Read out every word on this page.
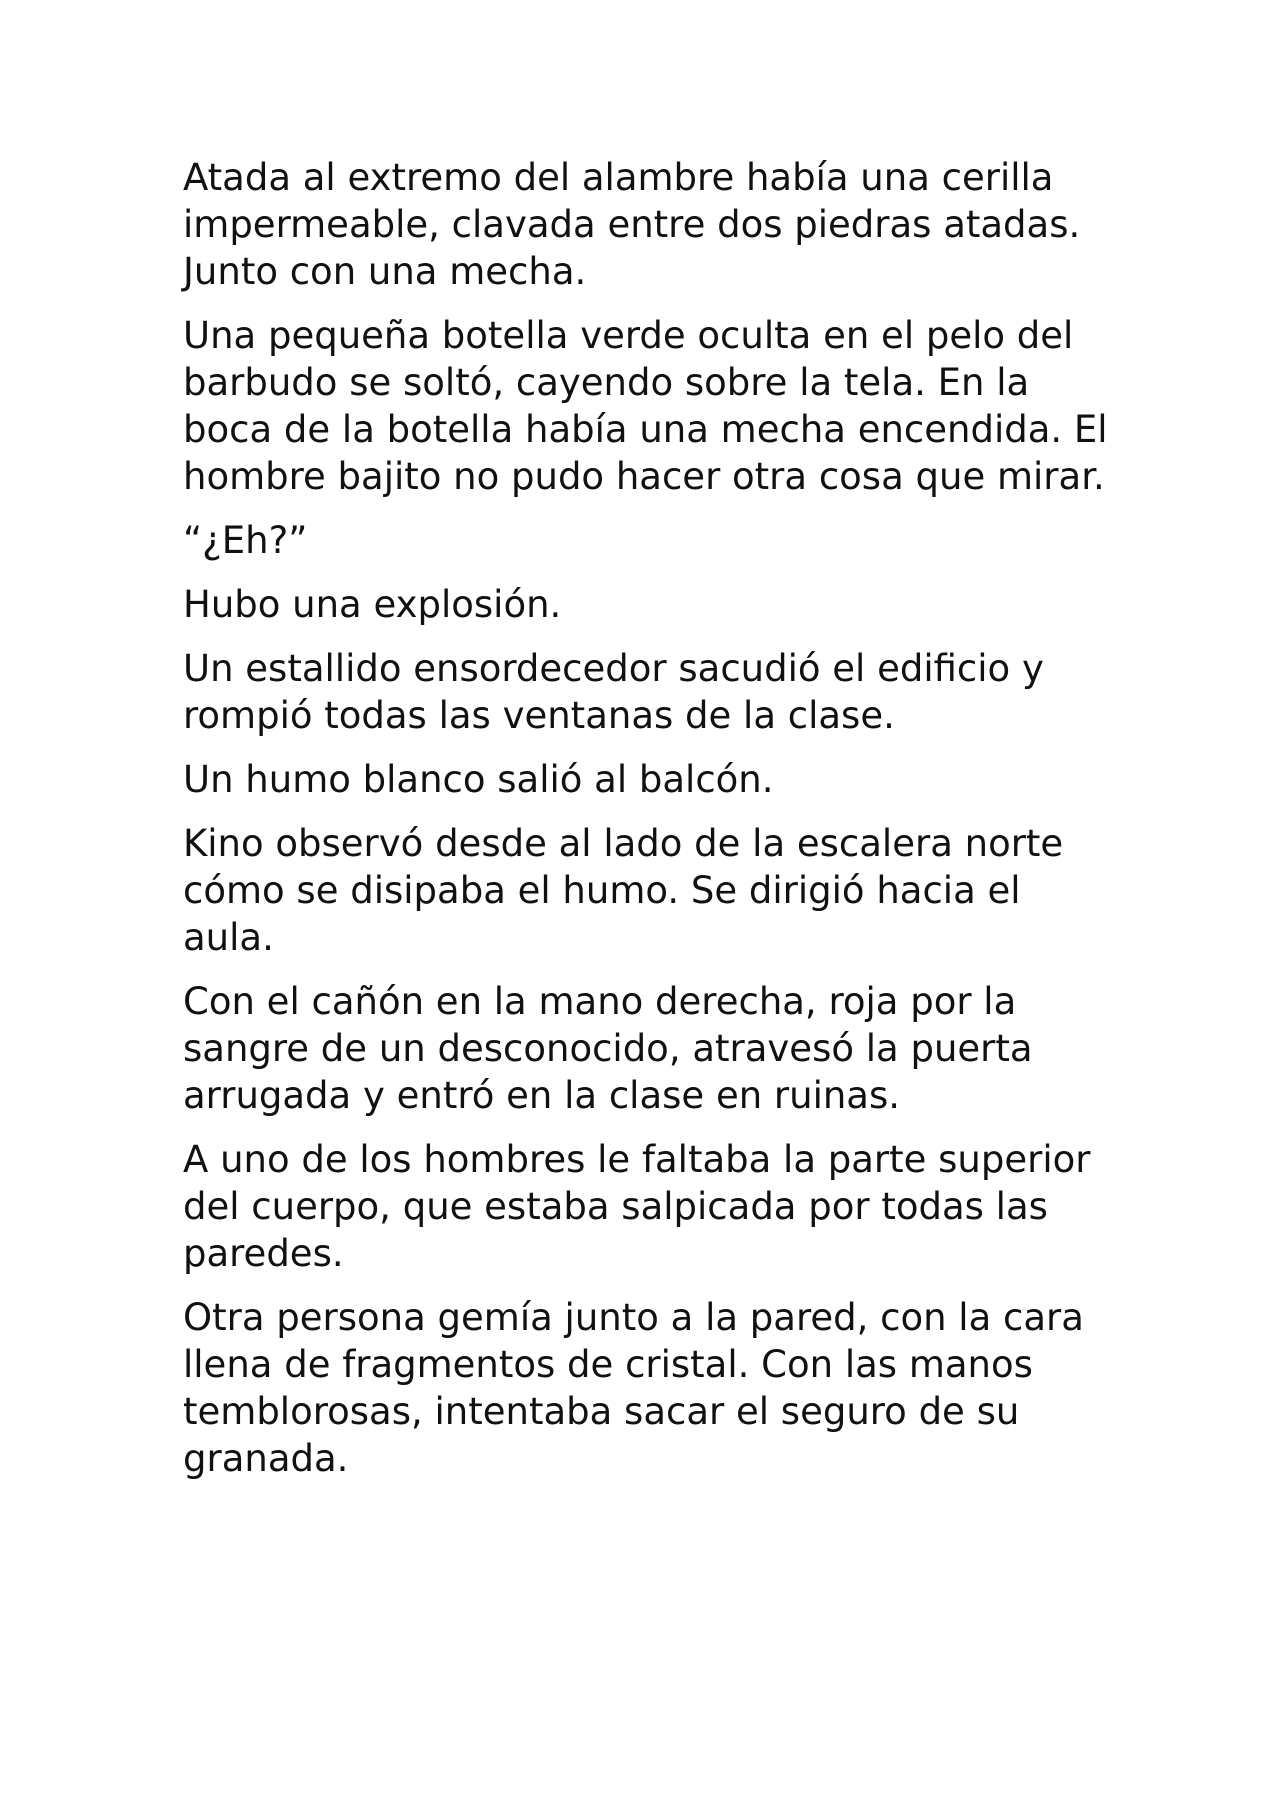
Atada al extremo del alambre había una cerilla impermeable, clavada entre dos piedras atadas. Junto con una mecha.

Una pequeña botella verde oculta en el pelo del barbudo se soltó, cayendo sobre la tela. En la boca de la botella había una mecha encendida. El hombre bajito no pudo hacer otra cosa que mirar.

“¿Eh?”

Hubo una explosión.

Un estallido ensordecedor sacudió el edificio y rompió todas las ventanas de la clase.

Un humo blanco salió al balcón.

Kino observó desde al lado de la escalera norte cómo se disipaba el humo. Se dirigió hacia el aula.

Con el cañón en la mano derecha, roja por la sangre de un desconocido, atravesó la puerta arrugada y entró en la clase en ruinas.

A uno de los hombres le faltaba la parte superior del cuerpo, que estaba salpicada por todas las paredes.

Otra persona gemía junto a la pared, con la cara llena de fragmentos de cristal. Con las manos temblorosas, intentaba sacar el seguro de su granada.
